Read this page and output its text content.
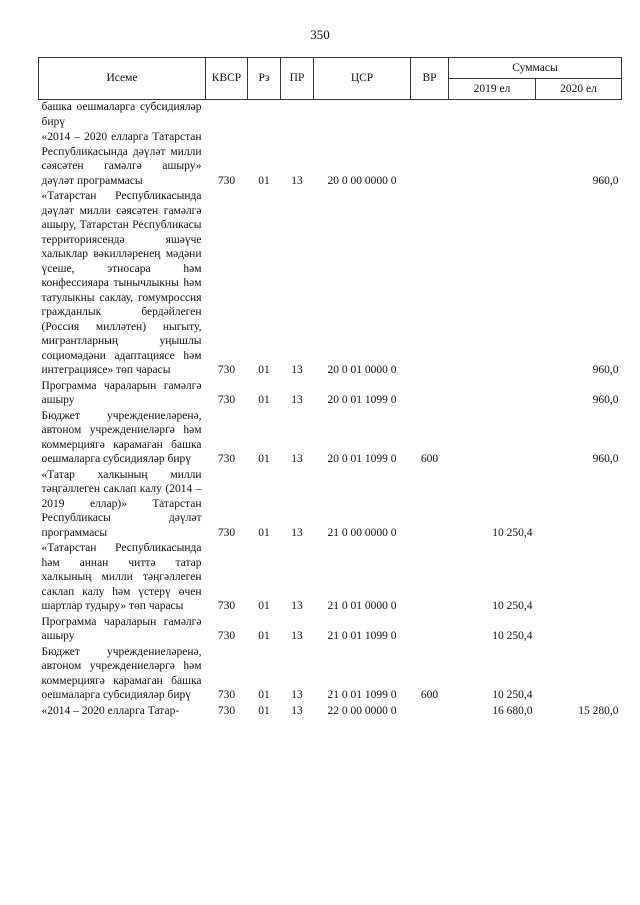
350
Исеме	КВСР	Рз	ПР	ЦСР	ВР	Суммасы	
						2019 ел	2020 ел
башка оешмаларга субсидияләр бирү							
«2014 – 2020 елларга Татарстан Республикасында дәүләт милли сәясәтен гамәлгә ашыру» дәүләт программасы	730	01	13	20 0 00 0000 0			960,0
«Татарстан Республикасында дәүләт милли сәясәтен гамәлгә ашыру, Татарстан Республикасы территориясендә яшәүче халыклар вәкилләренең мәдәни үсеше, этносара һәм конфессияара тынычлыкны һәм татулыкны саклау, гомумроссия гражданлык бердәйлеген (Россия милләтен) ныгыту, мигрантларның уңышлы социомәдәни адаптациясе һәм интеграциясе» төп чарасы	730	01	13	20 0 01 0000 0			960,0
Программа чараларын гамәлгә ашыру	730	01	13	20 0 01 1099 0			960,0
Бюджет учреждениеләренә, автоном учреждениеләргә һәм коммерциягә карамаган башка оешмаларга субсидияләр бирү	730	01	13	20 0 01 1099 0	600		960,0
«Татар халкының милли тәңгәллеген саклап калу (2014 – 2019 еллар)» Татарстан Республикасы дәүләт программасы	730	01	13	21 0 00 0000 0		10 250,4	
«Татарстан Республикасында һәм аннан читтә татар халкының милли тәңгәллеген саклап калу һәм үстерү өчен шартлар тудыру» төп чарасы	730	01	13	21 0 01 0000 0		10 250,4	
Программа чараларын гамәлгә ашыру	730	01	13	21 0 01 1099 0		10 250,4	
Бюджет учреждениеләренә, автоном учреждениеләргә һәм коммерциягә карамаган башка оешмаларга субсидияләр бирү	730	01	13	21 0 01 1099 0	600	10 250,4	
«2014 – 2020 елларга Татар-	730	01	13	22 0 00 0000 0		16 680,0	15 280,0
